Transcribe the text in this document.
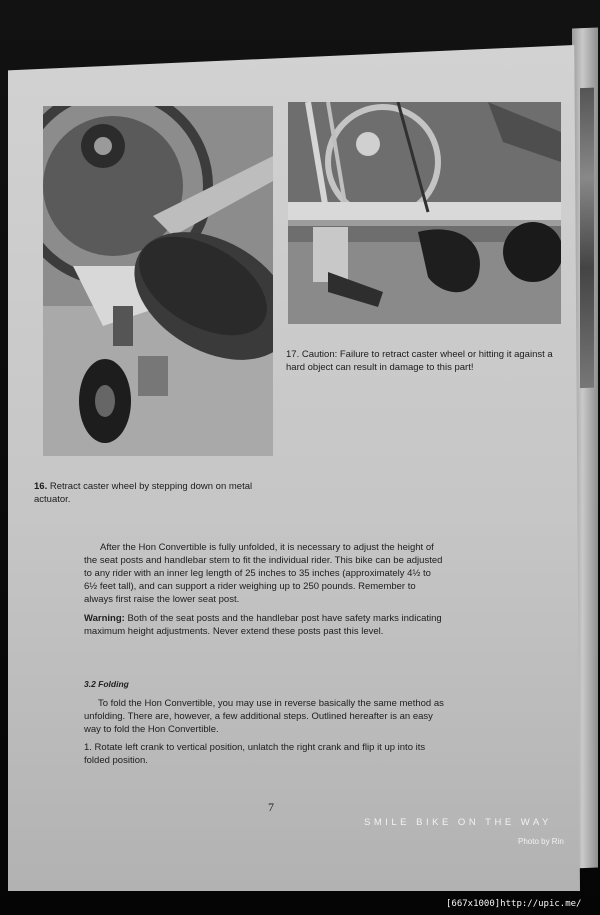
16. Retract caster wheel by stepping down on metal actuator.
17. Caution: Failure to retract caster wheel or hitting it against a hard object can result in damage to this part!
After the Hon Convertible is fully unfolded, it is necessary to adjust the height of the seat posts and handlebar stem to fit the individual rider. This bike can be adjusted to any rider with an inner leg length of 25 inches to 35 inches (approximately 4½ to 6½ feet tall), and can support a rider weighing up to 250 pounds. Remember to always first raise the lower seat post.
Warning: Both of the seat posts and the handlebar post have safety marks indicating maximum height adjustments. Never extend these posts past this level.
3.2 Folding
To fold the Hon Convertible, you may use in reverse basically the same method as unfolding. There are, however, a few additional steps. Outlined hereafter is an easy way to fold the Hon Convertible.
1. Rotate left crank to vertical position, unlatch the right crank and flip it up into its folded position.
7
SMILE BIKE ON THE WAY
Photo by Rin
[667x1000]http://upic.me/
